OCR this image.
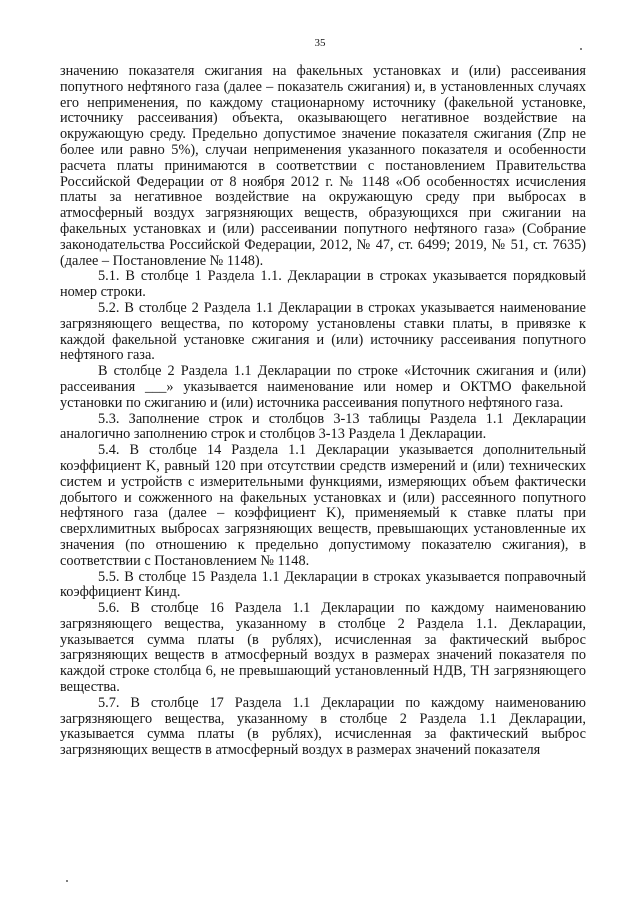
35

значению показателя сжигания на факельных установках и (или) рассеивания попутного нефтяного газа (далее – показатель сжигания) и, в установленных случаях его неприменения, по каждому стационарному источнику (факельной установке, источнику рассеивания) объекта, оказывающего негативное воздействие на окружающую среду. Предельно допустимое значение показателя сжигания (Zпр не более или равно 5%), случаи неприменения указанного показателя и особенности расчета платы принимаются в соответствии с постановлением Правительства Российской Федерации от 8 ноября 2012 г. № 1148 «Об особенностях исчисления платы за негативное воздействие на окружающую среду при выбросах в атмосферный воздух загрязняющих веществ, образующихся при сжигании на факельных установках и (или) рассеивании попутного нефтяного газа» (Собрание законодательства Российской Федерации, 2012, № 47, ст. 6499; 2019, № 51, ст. 7635) (далее – Постановление № 1148).

5.1. В столбце 1 Раздела 1.1. Декларации в строках указывается порядковый номер строки.

5.2. В столбце 2 Раздела 1.1 Декларации в строках указывается наименование загрязняющего вещества, по которому установлены ставки платы, в привязке к каждой факельной установке сжигания и (или) источнику рассеивания попутного нефтяного газа.

В столбце 2 Раздела 1.1 Декларации по строке «Источник сжигания и (или) рассеивания ___» указывается наименование или номер и ОКТМО факельной установки по сжиганию и (или) источника рассеивания попутного нефтяного газа.

5.3. Заполнение строк и столбцов 3-13 таблицы Раздела 1.1 Декларации аналогично заполнению строк и столбцов 3-13 Раздела 1 Декларации.

5.4. В столбце 14 Раздела 1.1 Декларации указывается дополнительный коэффициент K, равный 120 при отсутствии средств измерений и (или) технических систем и устройств с измерительными функциями, измеряющих объем фактически добытого и сожженного на факельных установках и (или) рассеянного попутного нефтяного газа (далее – коэффициент K), применяемый к ставке платы при сверхлимитных выбросах загрязняющих веществ, превышающих установленные их значения (по отношению к предельно допустимому показателю сжигания), в соответствии с Постановлением № 1148.

5.5. В столбце 15 Раздела 1.1 Декларации в строках указывается поправочный коэффициент Кинд.

5.6. В столбце 16 Раздела 1.1 Декларации по каждому наименованию загрязняющего вещества, указанному в столбце 2 Раздела 1.1. Декларации, указывается сумма платы (в рублях), исчисленная за фактический выброс загрязняющих веществ в атмосферный воздух в размерах значений показателя по каждой строке столбца 6, не превышающий установленный НДВ, ТН загрязняющего вещества.

5.7. В столбце 17 Раздела 1.1 Декларации по каждому наименованию загрязняющего вещества, указанному в столбце 2 Раздела 1.1 Декларации, указывается сумма платы (в рублях), исчисленная за фактический выброс загрязняющих веществ в атмосферный воздух в размерах значений показателя
